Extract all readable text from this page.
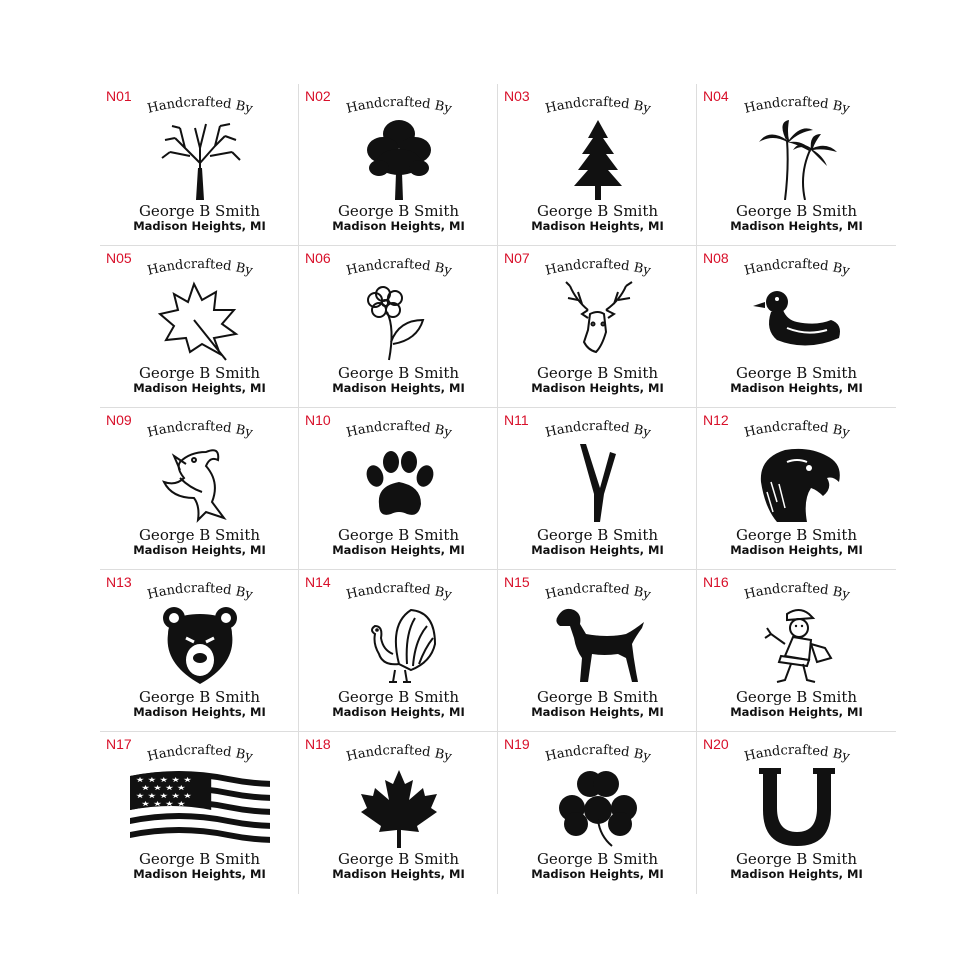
N01
Handcrafted By
George B Smith
Madison Heights, MI
N02
Handcrafted By
George B Smith
Madison Heights, MI
N03
Handcrafted By
George B Smith
Madison Heights, MI
N04
Handcrafted By
George B Smith
Madison Heights, MI
N05
Handcrafted By
George B Smith
Madison Heights, MI
N06
Handcrafted By
George B Smith
Madison Heights, MI
N07
Handcrafted By
George B Smith
Madison Heights, MI
N08
Handcrafted By
George B Smith
Madison Heights, MI
N09
Handcrafted By
George B Smith
Madison Heights, MI
N10
Handcrafted By
George B Smith
Madison Heights, MI
N11
Handcrafted By
George B Smith
Madison Heights, MI
N12
Handcrafted By
George B Smith
Madison Heights, MI
N13
Handcrafted By
George B Smith
Madison Heights, MI
N14
Handcrafted By
George B Smith
Madison Heights, MI
N15
Handcrafted By
George B Smith
Madison Heights, MI
N16
Handcrafted By
George B Smith
Madison Heights, MI
N17
Handcrafted By
★ ★ ★ ★ ★
★ ★ ★ ★
★ ★ ★ ★ ★
★ ★ ★ ★
George B Smith
Madison Heights, MI
N18
Handcrafted By
George B Smith
Madison Heights, MI
N19
Handcrafted By
George B Smith
Madison Heights, MI
N20
Handcrafted By
George B Smith
Madison Heights, MI
